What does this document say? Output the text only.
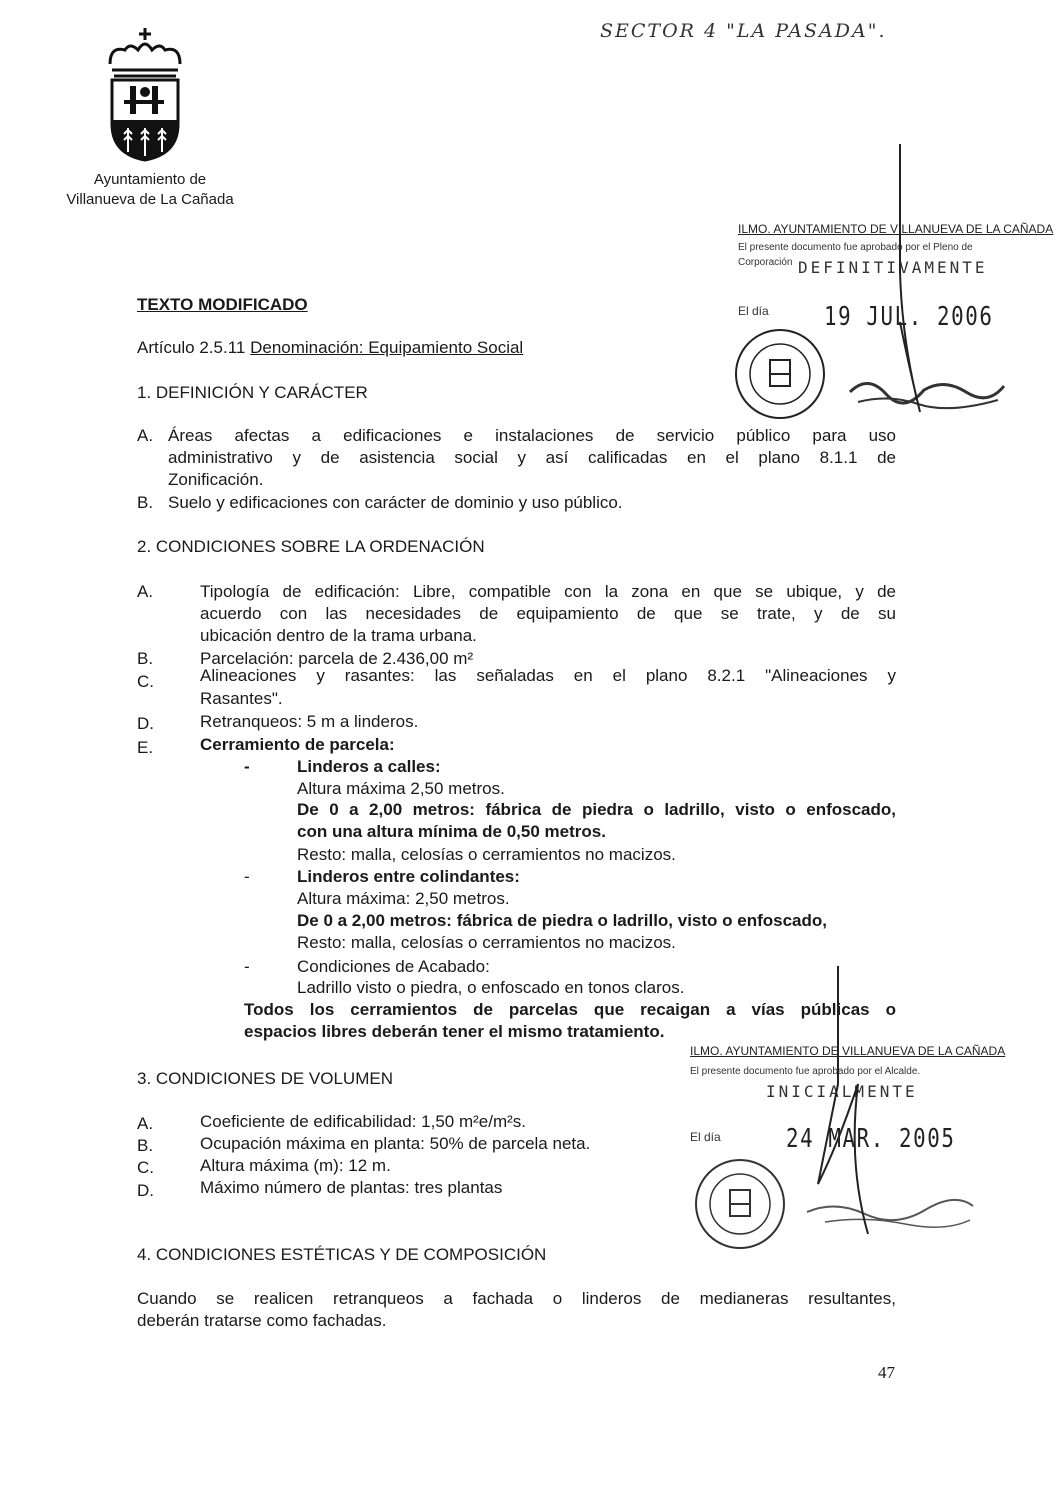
SECTOR 4 "LA PASADA".
Ayuntamiento de
Villanueva de La Cañada
ILMO. AYUNTAMIENTO DE VILLANUEVA DE LA CAÑADA
El presente documento fue aprobado por el Pleno de
Corporación DEFINITIVAMENTE
El día 19 JUL. 2006
TEXTO MODIFICADO
Artículo 2.5.11 Denominación: Equipamiento Social
1. DEFINICIÓN Y CARÁCTER
A. Áreas afectas a edificaciones e instalaciones de servicio público para uso
administrativo y de asistencia social y así calificadas en el plano 8.1.1 de
Zonificación.
B. Suelo y edificaciones con carácter de dominio y uso público.
2. CONDICIONES SOBRE LA ORDENACIÓN
A.	Tipología de edificación: Libre, compatible con la zona en que se ubique, y de
acuerdo con las necesidades de equipamiento de que se trate, y de su
ubicación dentro de la trama urbana.
B.	Parcelación: parcela de 2.436,00 m²
C.	Alineaciones y rasantes: las señaladas en el plano 8.2.1 "Alineaciones y
Rasantes".
D.	Retranqueos: 5 m a linderos.
E.	Cerramiento de parcela:
-	Linderos a calles:
Altura máxima 2,50 metros.
De 0 a 2,00 metros: fábrica de piedra o ladrillo, visto o enfoscado,
con una altura mínima de 0,50 metros.
Resto: malla, celosías o cerramientos no macizos.
-	Linderos entre colindantes:
Altura máxima: 2,50 metros.
De 0 a 2,00 metros: fábrica de piedra o ladrillo, visto o enfoscado,
Resto: malla, celosías o cerramientos no macizos.
-	Condiciones de Acabado:
Ladrillo visto o piedra, o enfoscado en tonos claros.
Todos los cerramientos de parcelas que recaigan a vías públicas o
espacios libres deberán tener el mismo tratamiento.
3. CONDICIONES DE VOLUMEN
A.	Coeficiente de edificabilidad: 1,50 m²e/m²s.
B.	Ocupación máxima en planta: 50% de parcela neta.
C.	Altura máxima (m): 12 m.
D.	Máximo número de plantas: tres plantas
4. CONDICIONES ESTÉTICAS Y DE COMPOSICIÓN
Cuando se realicen retranqueos a fachada o linderos de medianeras resultantes,
deberán tratarse como fachadas.
47
ILMO. AYUNTAMIENTO DE VILLANUEVA DE LA CAÑADA
El presente documento fue aprobado por el Alcalde.
INICIALMENTE
El día	24 MAR. 2005
